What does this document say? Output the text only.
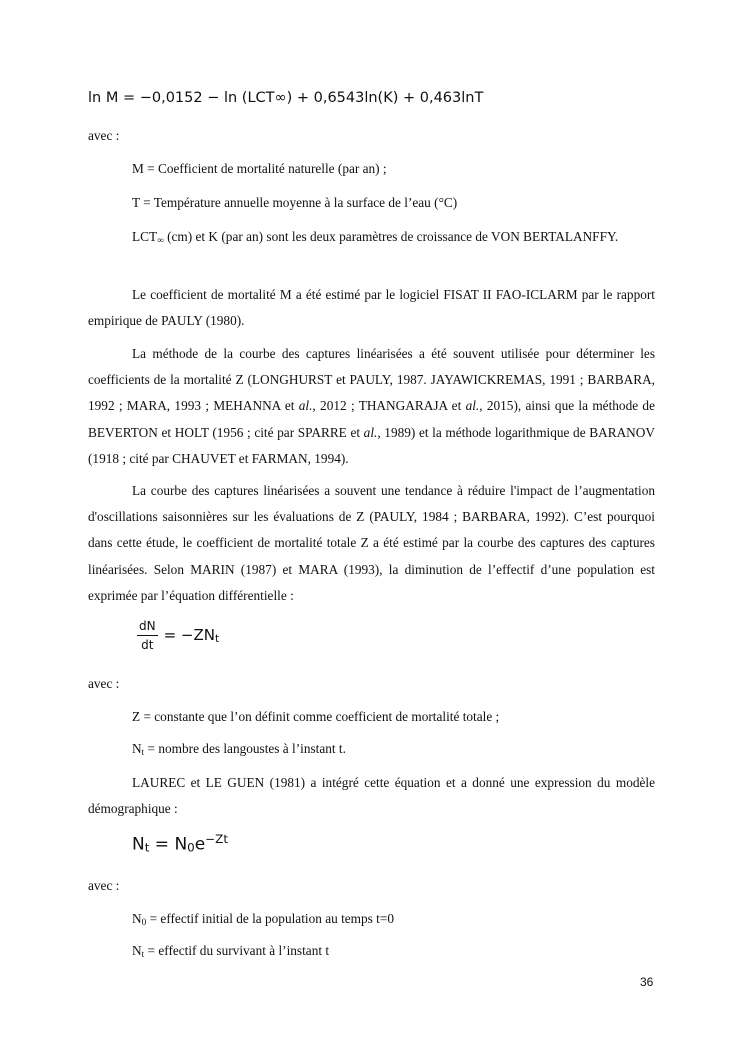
ln M = −0,0152 − ln (LCT∞) + 0,6543ln(K) + 0,463lnT
avec :
M = Coefficient de mortalité naturelle (par an) ;
T = Température annuelle moyenne à la surface de l’eau (°C)

$LCT_\infty$ (cm) et K (par an) sont les deux paramètres de croissance de VON BERTALANFFY.

Le coefficient de mortalité M a été estimé par le logiciel FISAT II FAO-ICLARM par le rapport empirique de PAULY (1980).

La méthode de la courbe des captures linéarisées a été souvent utilisée pour déterminer les coefficients de la mortalité Z (LONGHURST et PAULY, 1987. JAYAWICKREMAS, 1991 ; BARBARA, 1992 ; MARA, 1993 ; MEHANNA et al., 2012 ; THANGARAJA et al., 2015), ainsi que la méthode de BEVERTON et HOLT (1956 ; cité par SPARRE et al., 1989) et la méthode logarithmique de BARANOV (1918 ; cité par CHAUVET et FARMAN, 1994).

La courbe des captures linéarisées a souvent une tendance à réduire l'impact de l’augmentation d'oscillations saisonnières sur les évaluations de Z (PAULY, 1984 ; BARBARA, 1992). C’est pourquoi dans cette étude, le coefficient de mortalité totale Z a été estimé par la courbe des captures des captures linéarisées. Selon MARIN (1987) et MARA (1993), la diminution de l’effectif d’une population est exprimée par l’équation différentielle :

$\frac{dN}{dt} = -ZN_t$
avec :
Z = constante que l’on définit comme coefficient de mortalité totale ;
$N_t$ = nombre des langoustes à l’instant t.

LAUREC et LE GUEN (1981) a intégré cette équation et a donné une expression du modèle démographique :

$N_t = N_0e^{-Zt}$
avec :
$N_0$ = effectif initial de la population au temps t=0
$N_t$ = effectif du survivant à l’instant t
36
